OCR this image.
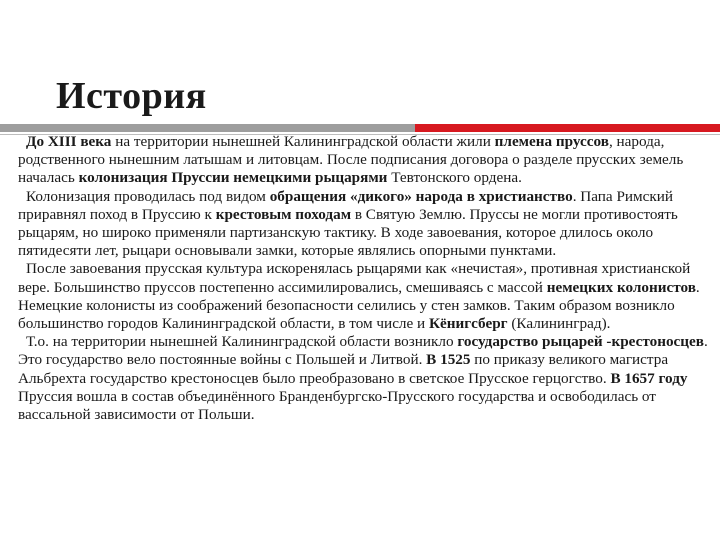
История

До XIII века на территории нынешней Калининградской области жили племена пруссов, народа, родственного нынешним латышам и литовцам. После подписания договора о разделе прусских земель началась колонизация Пруссии немецкими рыцарями Тевтонского ордена.

Колонизация проводилась под видом обращения «дикого» народа в христианство. Папа Римский приравнял поход в Пруссию к крестовым походам в Святую Землю. Пруссы не могли противостоять рыцарям, но широко применяли партизанскую тактику. В ходе завоевания, которое длилось около пятидесяти лет, рыцари основывали замки, которые являлись опорными пунктами.

После завоевания прусская культура искоренялась рыцарями как «нечистая», противная христианской вере. Большинство пруссов постепенно ассимилировались, смешиваясь с массой немецких колонистов. Немецкие колонисты из соображений безопасности селились у стен замков. Таким образом возникло большинство городов Калининградской области, в том числе и Кёнигсберг (Калининград).

Т.о. на территории нынешней Калининградской области возникло государство рыцарей -крестоносцев. Это государство вело постоянные войны с Польшей и Литвой. В 1525 по приказу великого магистра Альбрехта государство крестоносцев было преобразовано в светское Прусское герцогство. В 1657 году Пруссия вошла в состав объединённого Бранденбургско-Прусского государства и освободилась от вассальной зависимости от Польши.
